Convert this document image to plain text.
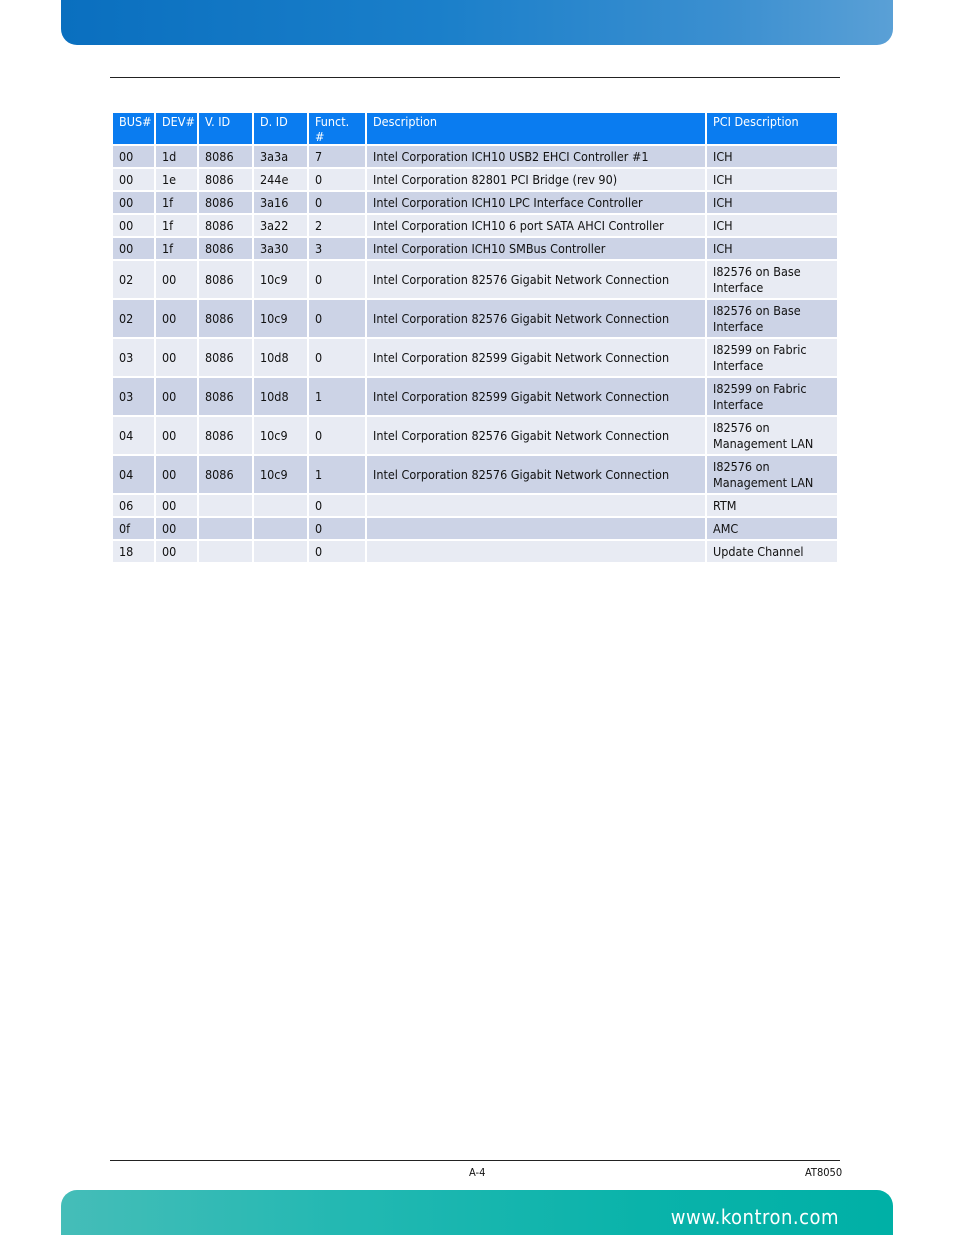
BUS#	DEV#	V. ID	D. ID	Funct. #	Description	PCI Description
00	1d	8086	3a3a	7	Intel Corporation ICH10 USB2 EHCI Controller #1	ICH
00	1e	8086	244e	0	Intel Corporation 82801 PCI Bridge (rev 90)	ICH
00	1f	8086	3a16	0	Intel Corporation ICH10 LPC Interface Controller	ICH
00	1f	8086	3a22	2	Intel Corporation ICH10 6 port SATA AHCI Controller	ICH
00	1f	8086	3a30	3	Intel Corporation ICH10 SMBus Controller	ICH
02	00	8086	10c9	0	Intel Corporation 82576 Gigabit Network Connection	I82576 on Base Interface
02	00	8086	10c9	0	Intel Corporation 82576 Gigabit Network Connection	I82576 on Base Interface
03	00	8086	10d8	0	Intel Corporation 82599 Gigabit Network Connection	I82599 on Fabric Interface
03	00	8086	10d8	1	Intel Corporation 82599 Gigabit Network Connection	I82599 on Fabric Interface
04	00	8086	10c9	0	Intel Corporation 82576 Gigabit Network Connection	I82576 on Management LAN
04	00	8086	10c9	1	Intel Corporation 82576 Gigabit Network Connection	I82576 on Management LAN
06	00			0		RTM
0f	00			0		AMC
18	00			0		Update Channel
A-4	AT8050
www.kontron.com
